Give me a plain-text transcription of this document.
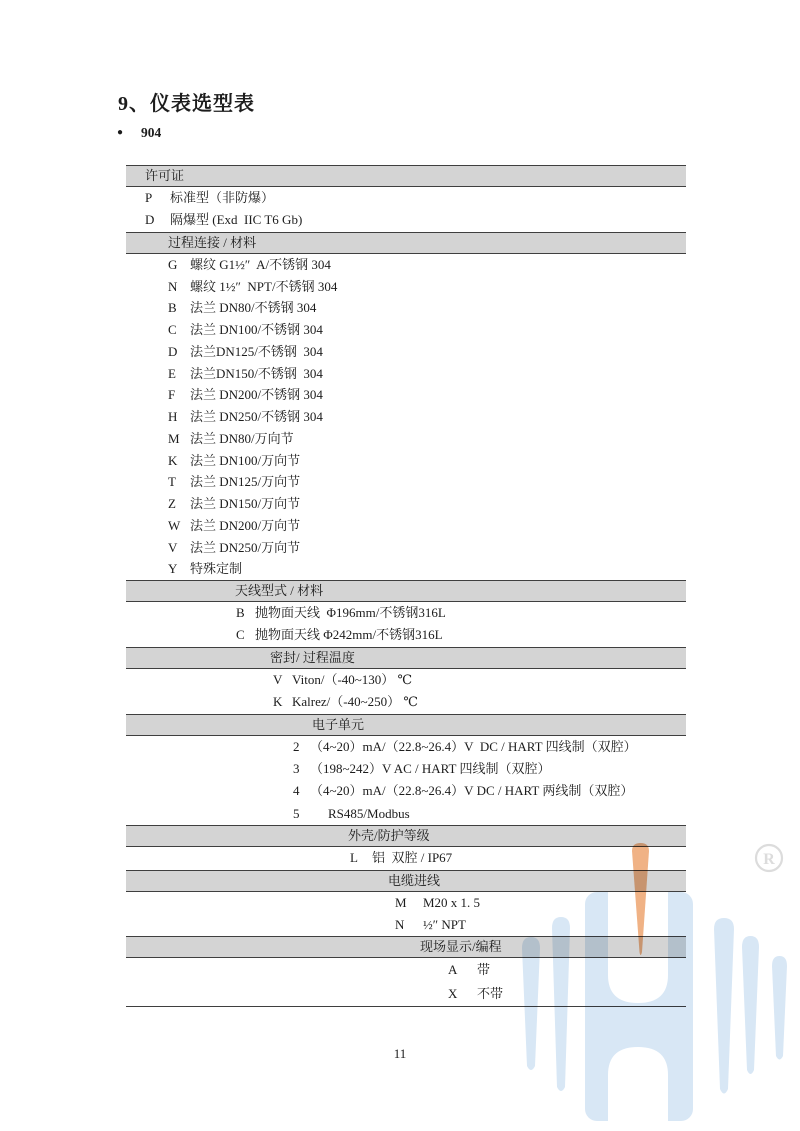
9、仪表选型表
● 904
许可证
P 标准型（非防爆）
D 隔爆型 (Exd  IIC T6 Gb)
过程连接 / 材料
G 螺纹 G1½″  A/不锈钢 304
N 螺纹 1½″  NPT/不锈钢 304
B 法兰 DN80/不锈钢 304
C 法兰 DN100/不锈钢 304
D 法兰DN125/不锈钢  304
E 法兰DN150/不锈钢  304
F 法兰 DN200/不锈钢 304
H 法兰 DN250/不锈钢 304
M 法兰 DN80/万向节
K 法兰 DN100/万向节
T 法兰 DN125/万向节
Z 法兰 DN150/万向节
W 法兰 DN200/万向节
V 法兰 DN250/万向节
Y 特殊定制
天线型式 / 材料
B 抛物面天线  Φ196mm/不锈钢316L
C 抛物面天线 Φ242mm/不锈钢316L
密封/ 过程温度
V Viton/（-40~130） ℃
K Kalrez/（-40~250） ℃
电子单元
2 （4~20）mA/（22.8~26.4）V  DC / HART 四线制（双腔）
3 （198~242）V AC / HART 四线制（双腔）
4 （4~20）mA/（22.8~26.4）V DC / HART 两线制（双腔）
5 RS485/Modbus
外壳/防护等级
L 铝  双腔 / IP67
电缆进线
M M20 x 1. 5
N ½″ NPT
现场显示/编程
A 带
X 不带
R
11
